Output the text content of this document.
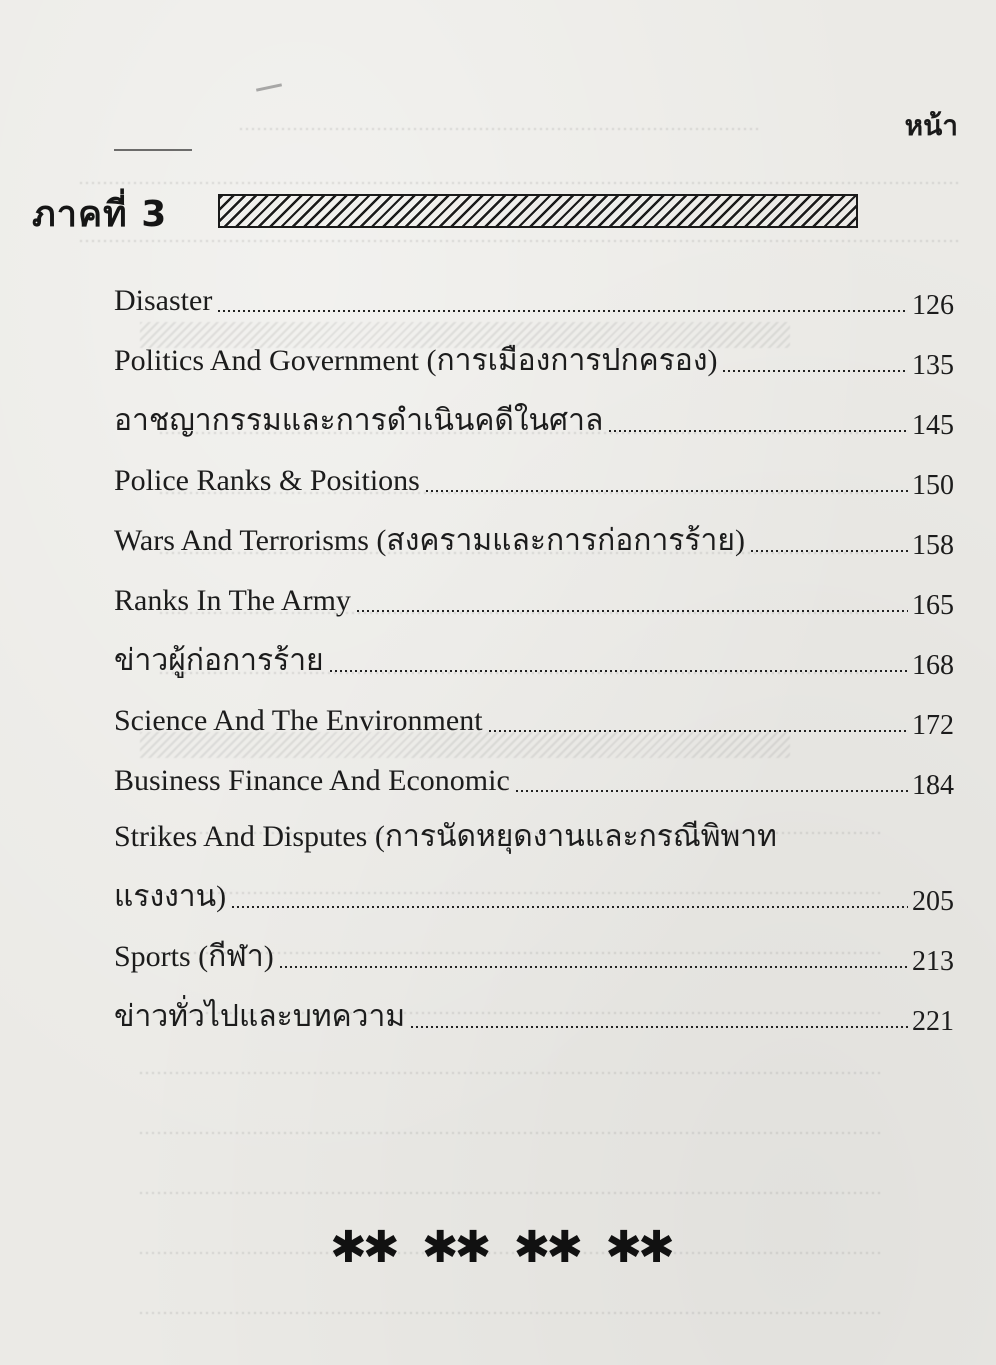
หน้า
ภาคที่ 3
Disaster	126
Politics And Government (การเมืองการปกครอง)	135
อาชญากรรมและการดำเนินคดีในศาล	145
Police Ranks & Positions	150
Wars And Terrorisms (สงครามและการก่อการร้าย)	158
Ranks In The Army	165
ข่าวผู้ก่อการร้าย	168
Science And The Environment	172
Business Finance And Economic	184
Strikes And Disputes (การนัดหยุดงานและกรณีพิพาท
แรงงาน)	205
Sports (กีฬา)	213
ข่าวทั่วไปและบทความ	221
✱✱ ✱✱ ✱✱ ✱✱
